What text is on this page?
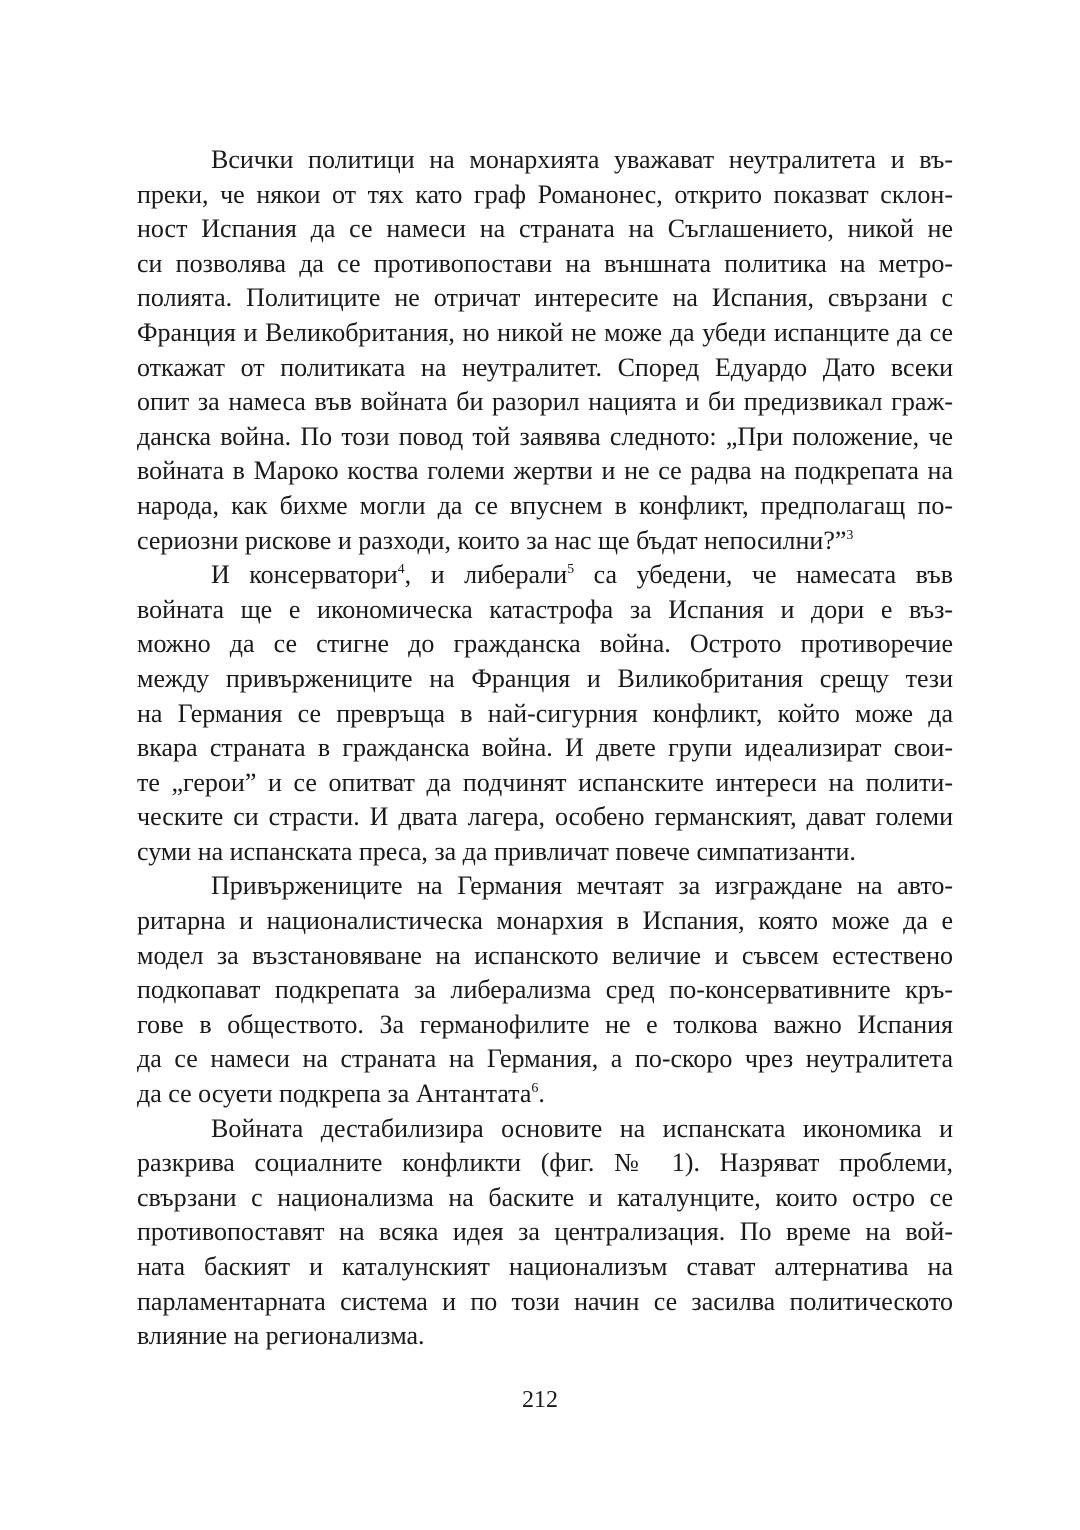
Всички политици на монархията уважават неутралитета и въ-
преки, че някои от тях като граф Романонес, открито показват склон-
ност Испания да се намеси на страната на Съглашението, никой не
си позволява да се противопостави на външната политика на метро-
полията. Политиците не отричат интересите на Испания, свързани с
Франция и Великобритания, но никой не може да убеди испанците да се
откажат от политиката на неутралитет. Според Едуардо Дато всеки
опит за намеса във войната би разорил нацията и би предизвикал граж-
данска война. По този повод той заявява следното: „При положение, че
войната в Мароко коства големи жертви и не се радва на подкрепата на
народа, как бихме могли да се впуснем в конфликт, предполагащ по-
сериозни рискове и разходи, които за нас ще бъдат непосилни?”$^3$
И консерватори$^4$, и либерали$^5$ са убедени, че намесата във
войната ще е икономическа катастрофа за Испания и дори е въз-
можно да се стигне до гражданска война. Острото противоречие
между привържениците на Франция и Виликобритания срещу тези
на Германия се превръща в най-сигурния конфликт, който може да
вкара страната в гражданска война. И двете групи идеализират свои-
те „герои” и се опитват да подчинят испанските интереси на полити-
ческите си страсти. И двата лагера, особено германският, дават големи
суми на испанската преса, за да привличат повече симпатизанти.
Привържениците на Германия мечтаят за изграждане на авто-
ритарна и националистическа монархия в Испания, която може да е
модел за възстановяване на испанското величие и съвсем естествено
подкопават подкрепата за либерализма сред по-консервативните кръ-
гове в обществото. За германофилите не е толкова важно Испания
да се намеси на страната на Германия, а по-скоро чрез неутралитета
да се осуети подкрепа за Антантата$^6$.
Войната дестабилизира основите на испанската икономика и
разкрива социалните конфликти (фиг. № 1). Назряват проблеми,
свързани с национализма на баските и каталунците, които остро се
противопоставят на всяка идея за централизация. По време на вой-
ната баският и каталунският национализъм стават алтернатива на
парламентарната система и по този начин се засилва политическото
влияние на регионализма.
212
